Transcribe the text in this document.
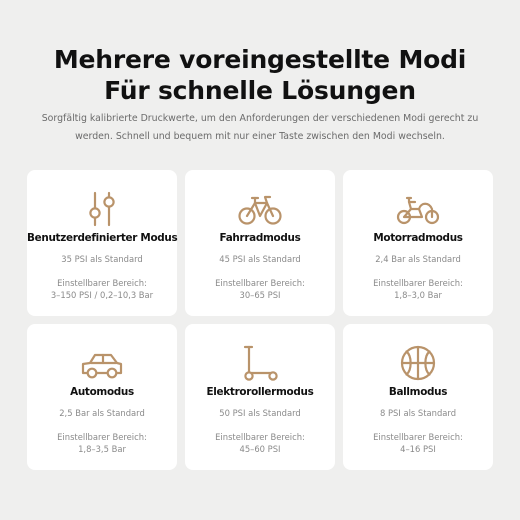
Mehrere voreingestellte Modi
Für schnelle Lösungen
Sorgfältig kalibrierte Druckwerte, um den Anforderungen der verschiedenen Modi gerecht zu werden. Schnell und bequem mit nur einer Taste zwischen den Modi wechseln.
Benutzerdefinierter Modus
35 PSI als Standard
Einstellbarer Bereich:
3–150 PSI / 0,2–10,3 Bar
Fahrradmodus
45 PSI als Standard
Einstellbarer Bereich:
30–65 PSI
Motorradmodus
2,4 Bar als Standard
Einstellbarer Bereich:
1,8–3,0 Bar
Automodus
2,5 Bar als Standard
Einstellbarer Bereich:
1,8–3,5 Bar
Elektrorollermodus
50 PSI als Standard
Einstellbarer Bereich:
45–60 PSI
Ballmodus
8 PSI als Standard
Einstellbarer Bereich:
4–16 PSI
